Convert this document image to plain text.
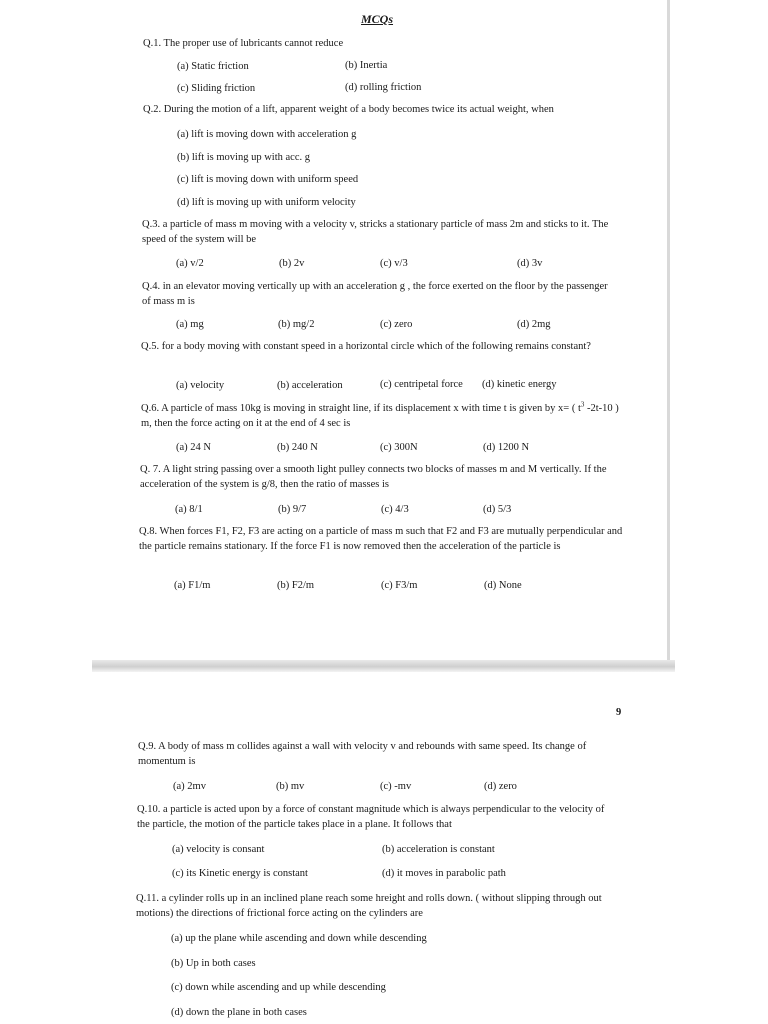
MCQs
Q.1. The proper use of lubricants cannot reduce
(a) Static friction	(b) Inertia
(c) Sliding friction	(d) rolling friction
Q.2. During the motion of a lift, apparent weight of a body becomes twice its actual weight, when
(a) lift is moving down with acceleration g
(b) lift is moving up with acc. g
(c) lift is moving down with uniform speed
(d) lift is moving up with uniform velocity
Q.3. a particle of mass m moving with a velocity v, stricks a stationary particle of mass 2m and sticks to it. The speed of the system will be
(a) v/2	(b) 2v	(c) v/3	(d) 3v
Q.4. in an elevator moving vertically up with an acceleration g , the force exerted on the floor by the passenger of mass m is
(a) mg	(b) mg/2	(c) zero	(d) 2mg
Q.5. for a body moving with constant speed in a horizontal circle which of the following remains constant?
(a) velocity	(b) acceleration	(c) centripetal force (d) kinetic energy
Q.6. A particle of mass 10kg is moving in straight line, if its displacement x with time t is given by x= ( $t^3$ -2t-10 ) m, then the force acting on it at the end of 4 sec is
(a) 24 N	(b) 240 N	(c) 300N	(d) 1200 N
Q. 7. A light string passing over a smooth light pulley connects two blocks of masses m and M vertically. If the acceleration of the system is g/8, then the ratio of masses is
(a) 8/1	(b) 9/7	(c) 4/3	(d) 5/3
Q.8. When forces F1, F2, F3 are acting on a particle of mass m such that F2 and F3 are mutually perpendicular and the particle remains stationary. If the force F1 is now removed then the acceleration of the particle is
(a) F1/m	(b) F2/m	(c) F3/m	(d) None
9
Q.9. A body of mass m collides against a wall with velocity v and rebounds with same speed. Its change of momentum is
(a) 2mv	(b) mv	(c) -mv	(d) zero
Q.10. a particle is acted upon by a force of constant magnitude which is always perpendicular to the velocity of the particle, the motion of the particle takes place in a plane. It follows that
(a) velocity is consant	(b) acceleration is constant
(c) its Kinetic energy is constant	(d) it moves in parabolic path
Q.11. a cylinder rolls up in an inclined plane reach some hreight and rolls down. ( without slipping through out motions) the directions of frictional force acting on the cylinders are
(a) up the plane while ascending and down while descending
(b) Up in both cases
(c) down while ascending and up while descending
(d) down the plane in both cases
